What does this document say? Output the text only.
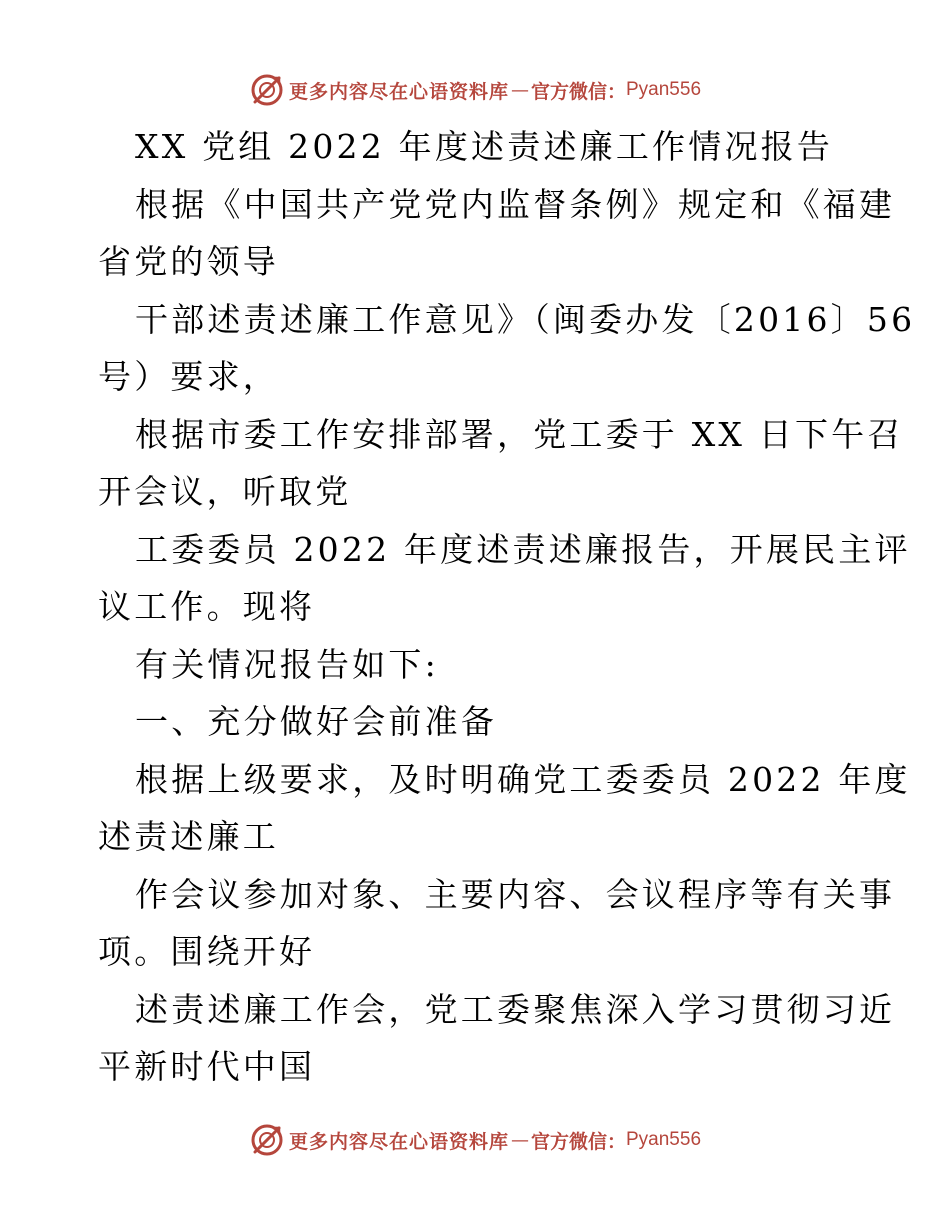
更多内容尽在心语资料库 — 官方微信： Pyan556
XX 党组 2022 年度述责述廉工作情况报告
根据《中国共产党党内监督条例》规定和《福建
省党的领导
干部述责述廉工作意见》（闽委办发〔2016〕56
号）要求，
根据市委工作安排部署，党工委于 XX 日下午召
开会议，听取党
工委委员 2022 年度述责述廉报告，开展民主评
议工作。现将
有关情况报告如下:
一、充分做好会前准备
根据上级要求，及时明确党工委委员 2022 年度
述责述廉工
作会议参加对象、主要内容、会议程序等有关事
项。围绕开好
述责述廉工作会，党工委聚焦深入学习贯彻习近
平新时代中国
更多内容尽在心语资料库 — 官方微信： Pyan556
